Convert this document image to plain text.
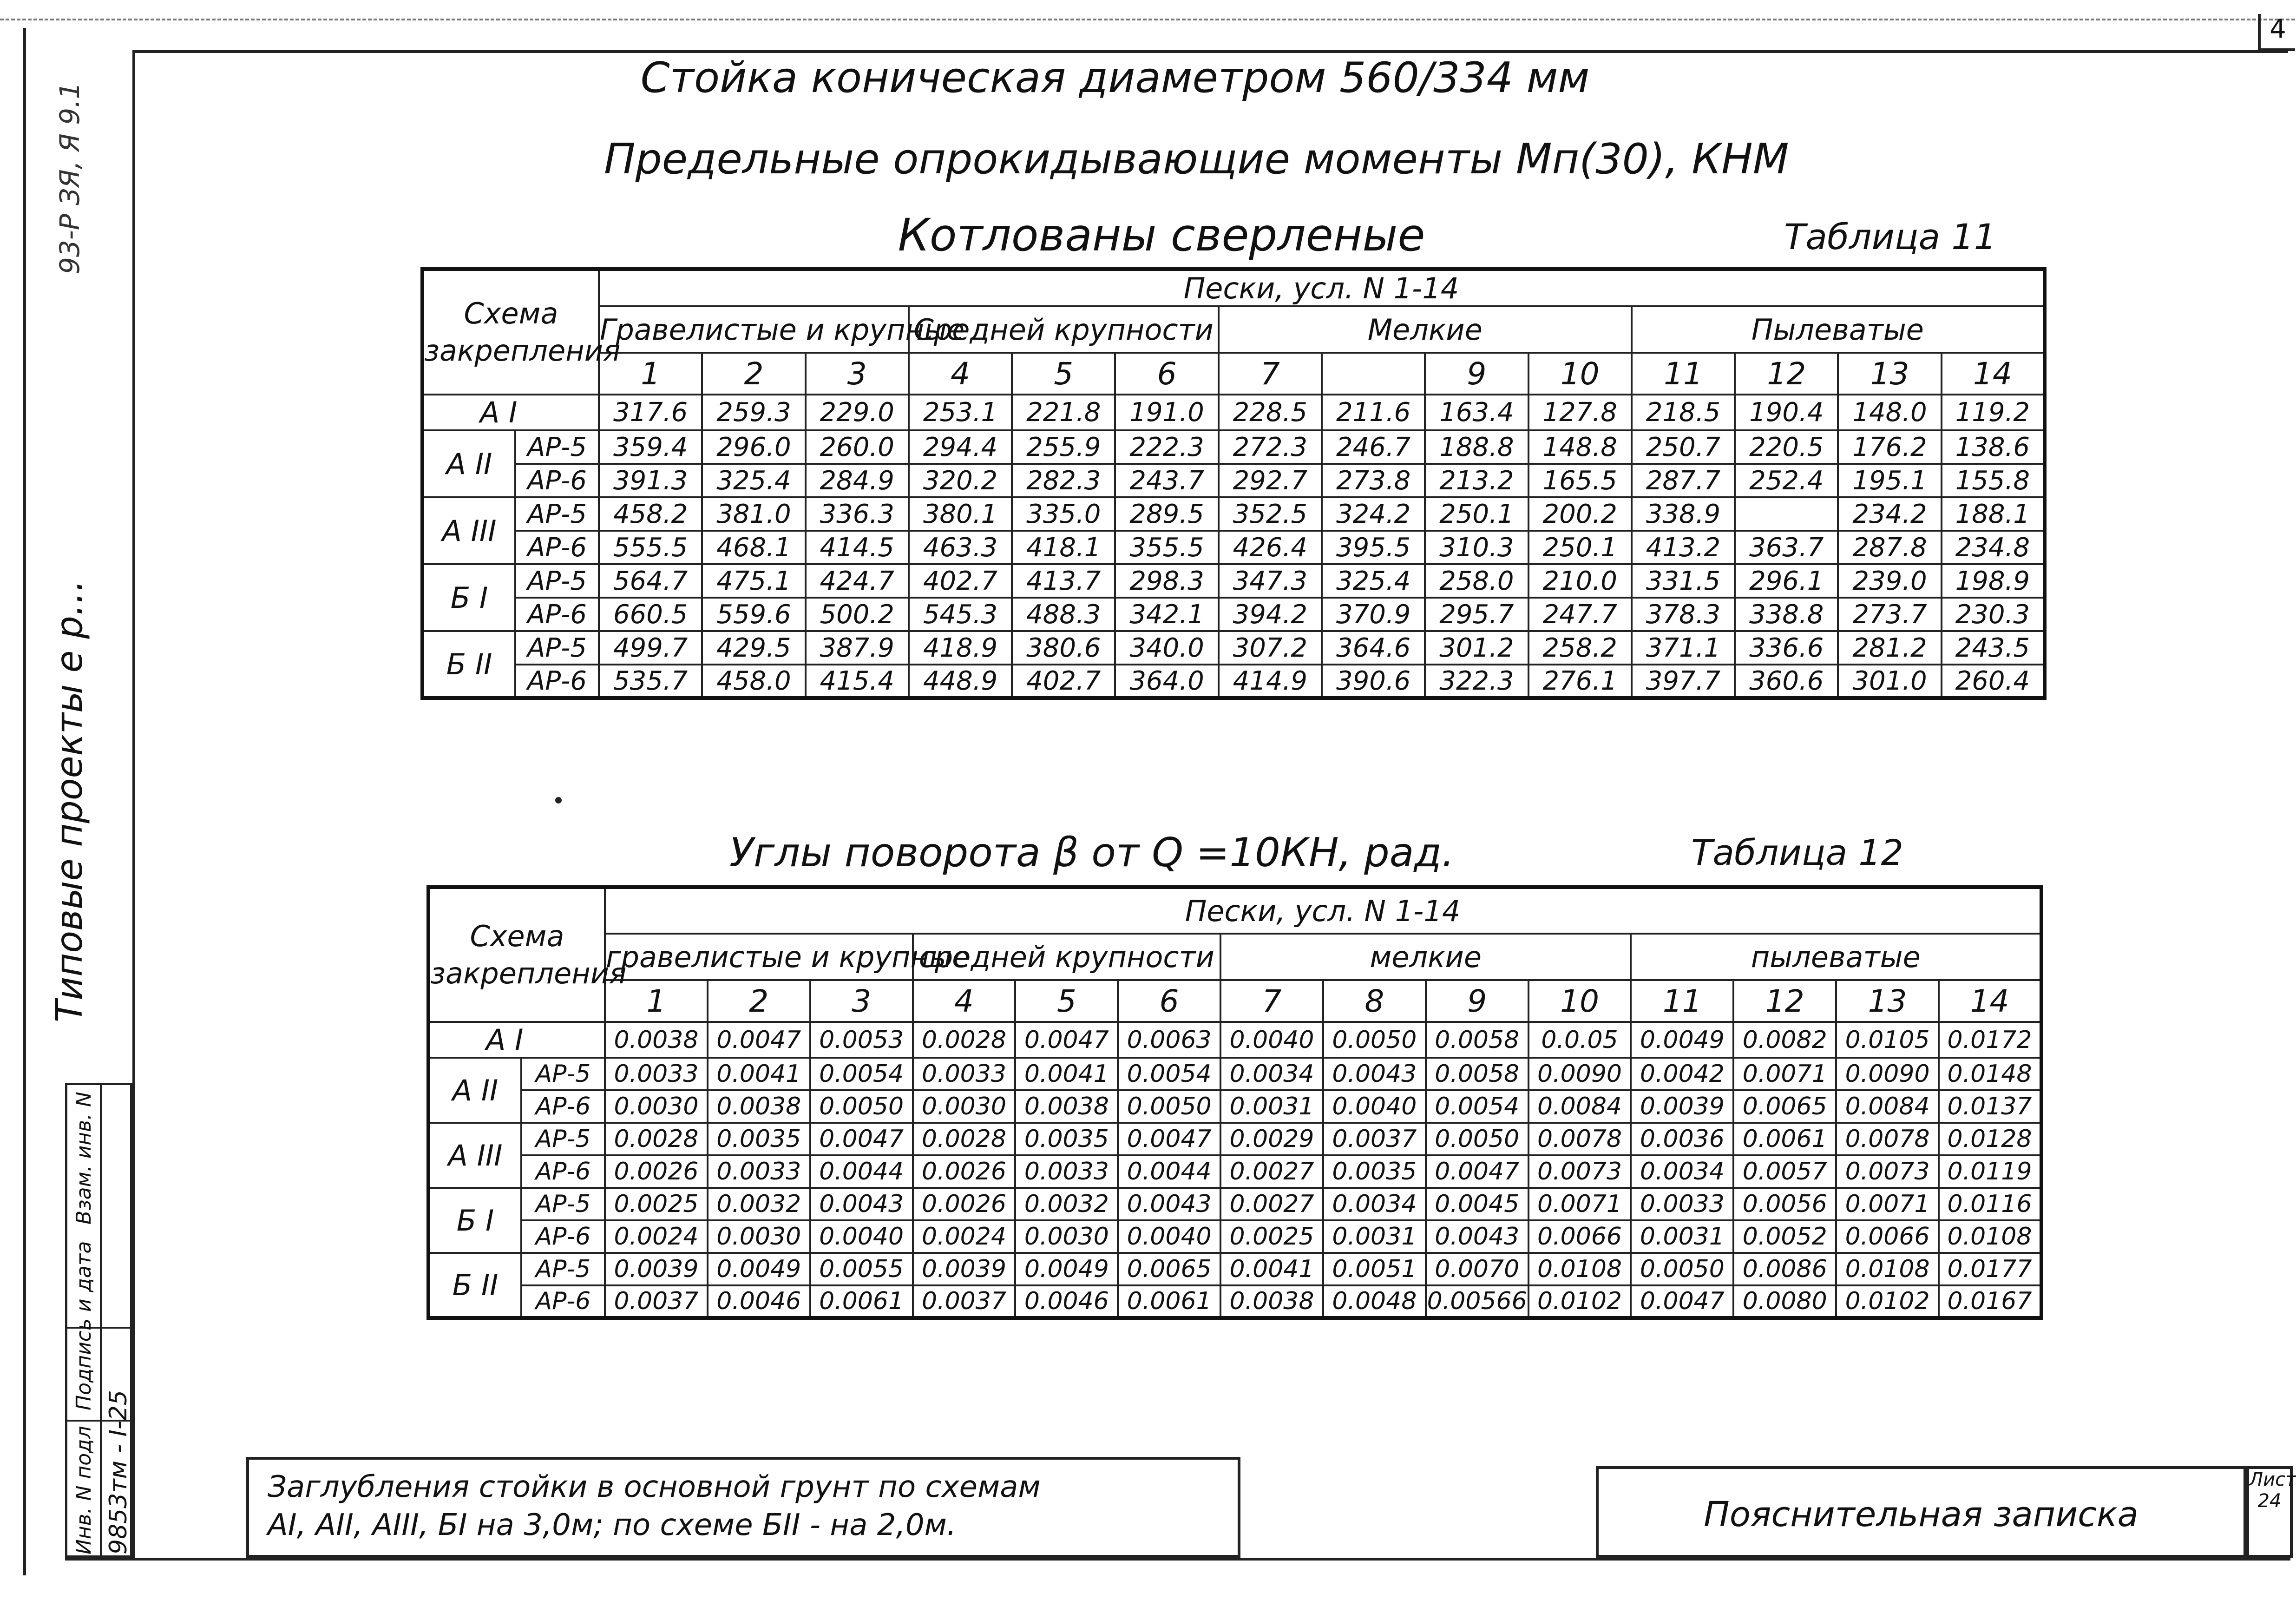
4
93-Р ЗЯ, Я 9.1
Типовые проекты е р…
Стойка коническая диаметром 560/334 мм
Предельные опрокидывающие моменты Mп(30), КНМ
Котлованы сверленые	Таблица 11
Схема закрепления		Пески, усл. N 1-14													
		Гравелистые и крупные			Средней крупности			Мелкие				Пылеватые			
		1	2	3	4	5	6	7		9	10	11	12	13	14
А I		317.6	259.3	229.0	253.1	221.8	191.0	228.5	211.6	163.4	127.8	218.5	190.4	148.0	119.2
А II	АР-5	359.4	296.0	260.0	294.4	255.9	222.3	272.3	246.7	188.8	148.8	250.7	220.5	176.2	138.6
	АР-6	391.3	325.4	284.9	320.2	282.3	243.7	292.7	273.8	213.2	165.5	287.7	252.4	195.1	155.8
А III	АР-5	458.2	381.0	336.3	380.1	335.0	289.5	352.5	324.2	250.1	200.2	338.9		234.2	188.1
	АР-6	555.5	468.1	414.5	463.3	418.1	355.5	426.4	395.5	310.3	250.1	413.2	363.7	287.8	234.8
Б I	АР-5	564.7	475.1	424.7	402.7	413.7	298.3	347.3	325.4	258.0	210.0	331.5	296.1	239.0	198.9
	АР-6	660.5	559.6	500.2	545.3	488.3	342.1	394.2	370.9	295.7	247.7	378.3	338.8	273.7	230.3
Б II	АР-5	499.7	429.5	387.9	418.9	380.6	340.0	307.2	364.6	301.2	258.2	371.1	336.6	281.2	243.5
	АР-6	535.7	458.0	415.4	448.9	402.7	364.0	414.9	390.6	322.3	276.1	397.7	360.6	301.0	260.4
Углы поворота β от Q =10КН, рад.	Таблица 12
Схема закрепления		Пески, усл. N 1-14													
		гравелистые и крупные			средней крупности			мелкие				пылеватые			
		1	2	3	4	5	6	7	8	9	10	11	12	13	14
А I		0.0038	0.0047	0.0053	0.0028	0.0047	0.0063	0.0040	0.0050	0.0058	0.0.05	0.0049	0.0082	0.0105	0.0172
А II	АР-5	0.0033	0.0041	0.0054	0.0033	0.0041	0.0054	0.0034	0.0043	0.0058	0.0090	0.0042	0.0071	0.0090	0.0148
	АР-6	0.0030	0.0038	0.0050	0.0030	0.0038	0.0050	0.0031	0.0040	0.0054	0.0084	0.0039	0.0065	0.0084	0.0137
А III	АР-5	0.0028	0.0035	0.0047	0.0028	0.0035	0.0047	0.0029	0.0037	0.0050	0.0078	0.0036	0.0061	0.0078	0.0128
	АР-6	0.0026	0.0033	0.0044	0.0026	0.0033	0.0044	0.0027	0.0035	0.0047	0.0073	0.0034	0.0057	0.0073	0.0119
Б I	АР-5	0.0025	0.0032	0.0043	0.0026	0.0032	0.0043	0.0027	0.0034	0.0045	0.0071	0.0033	0.0056	0.0071	0.0116
	АР-6	0.0024	0.0030	0.0040	0.0024	0.0030	0.0040	0.0025	0.0031	0.0043	0.0066	0.0031	0.0052	0.0066	0.0108
Б II	АР-5	0.0039	0.0049	0.0055	0.0039	0.0049	0.0065	0.0041	0.0051	0.0070	0.0108	0.0050	0.0086	0.0108	0.0177
	АР-6	0.0037	0.0046	0.0061	0.0037	0.0046	0.0061	0.0038	0.0048	0.00566	0.0102	0.0047	0.0080	0.0102	0.0167
Взам. инв. N
Подпись и дата
Инв. N подл 9853тм - I-25	Заглубления стойки в основной грунт по схемам
АI, АII, АIII, БI на 3,0м; по схеме БII - на 2,0м.	Пояснительная записка
Лист 24
